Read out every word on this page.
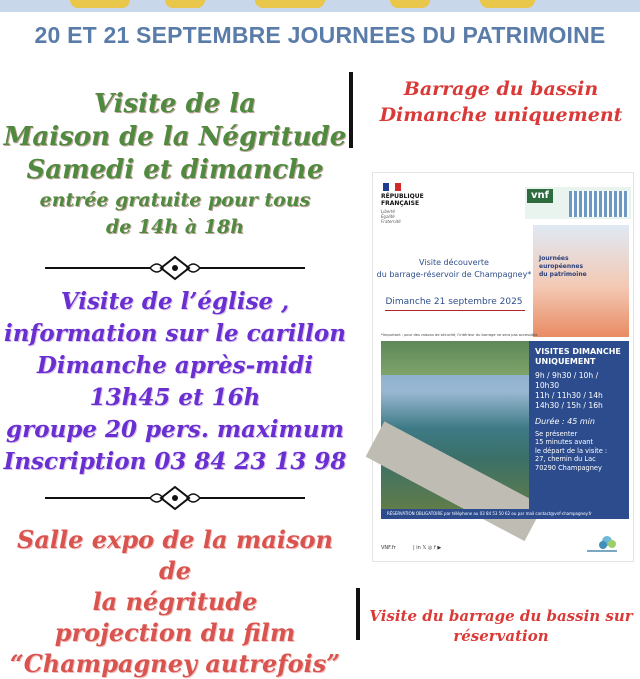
20 ET 21 SEPTEMBRE JOURNEES DU PATRIMOINE
Visite de la
Maison de la Négritude
Samedi et dimanche
entrée gratuite pour tous
de 14h à 18h
Visite de l’église ,
information sur le carillon
Dimanche après-midi
13h45 et 16h
groupe 20 pers. maximum
Inscription 03 84 23 13 98
Salle expo de la maison de
la négritude
projection du film
“Champagney autrefois”
Barrage du bassin
Dimanche uniquement
RÉPUBLIQUE
FRANÇAISE
Liberté
Égalité
Fraternité
vnf
Journées
européennes
du patrimoine
Visite découverte
du barrage-réservoir de Champagney*
Dimanche 21 septembre 2025
*Important : pour des raisons de sécurité, l'intérieur du barrage ne sera pas accessible
VISITES DIMANCHE
UNIQUEMENT
9h / 9h30 / 10h / 10h30
11h / 11h30 / 14h
14h30 / 15h / 16h
Durée : 45 min
Se présenter
15 minutes avant
le départ de la visite :
27, chemin du Lac
70290 Champagney
RÉSERVATION OBLIGATOIRE par téléphone au 03 84 53 50 62 ou par mail contact@vnf-champagney.fr
VNF.fr	| in 𝕏 ◎ f ▶
Visite du barrage du bassin sur
réservation
